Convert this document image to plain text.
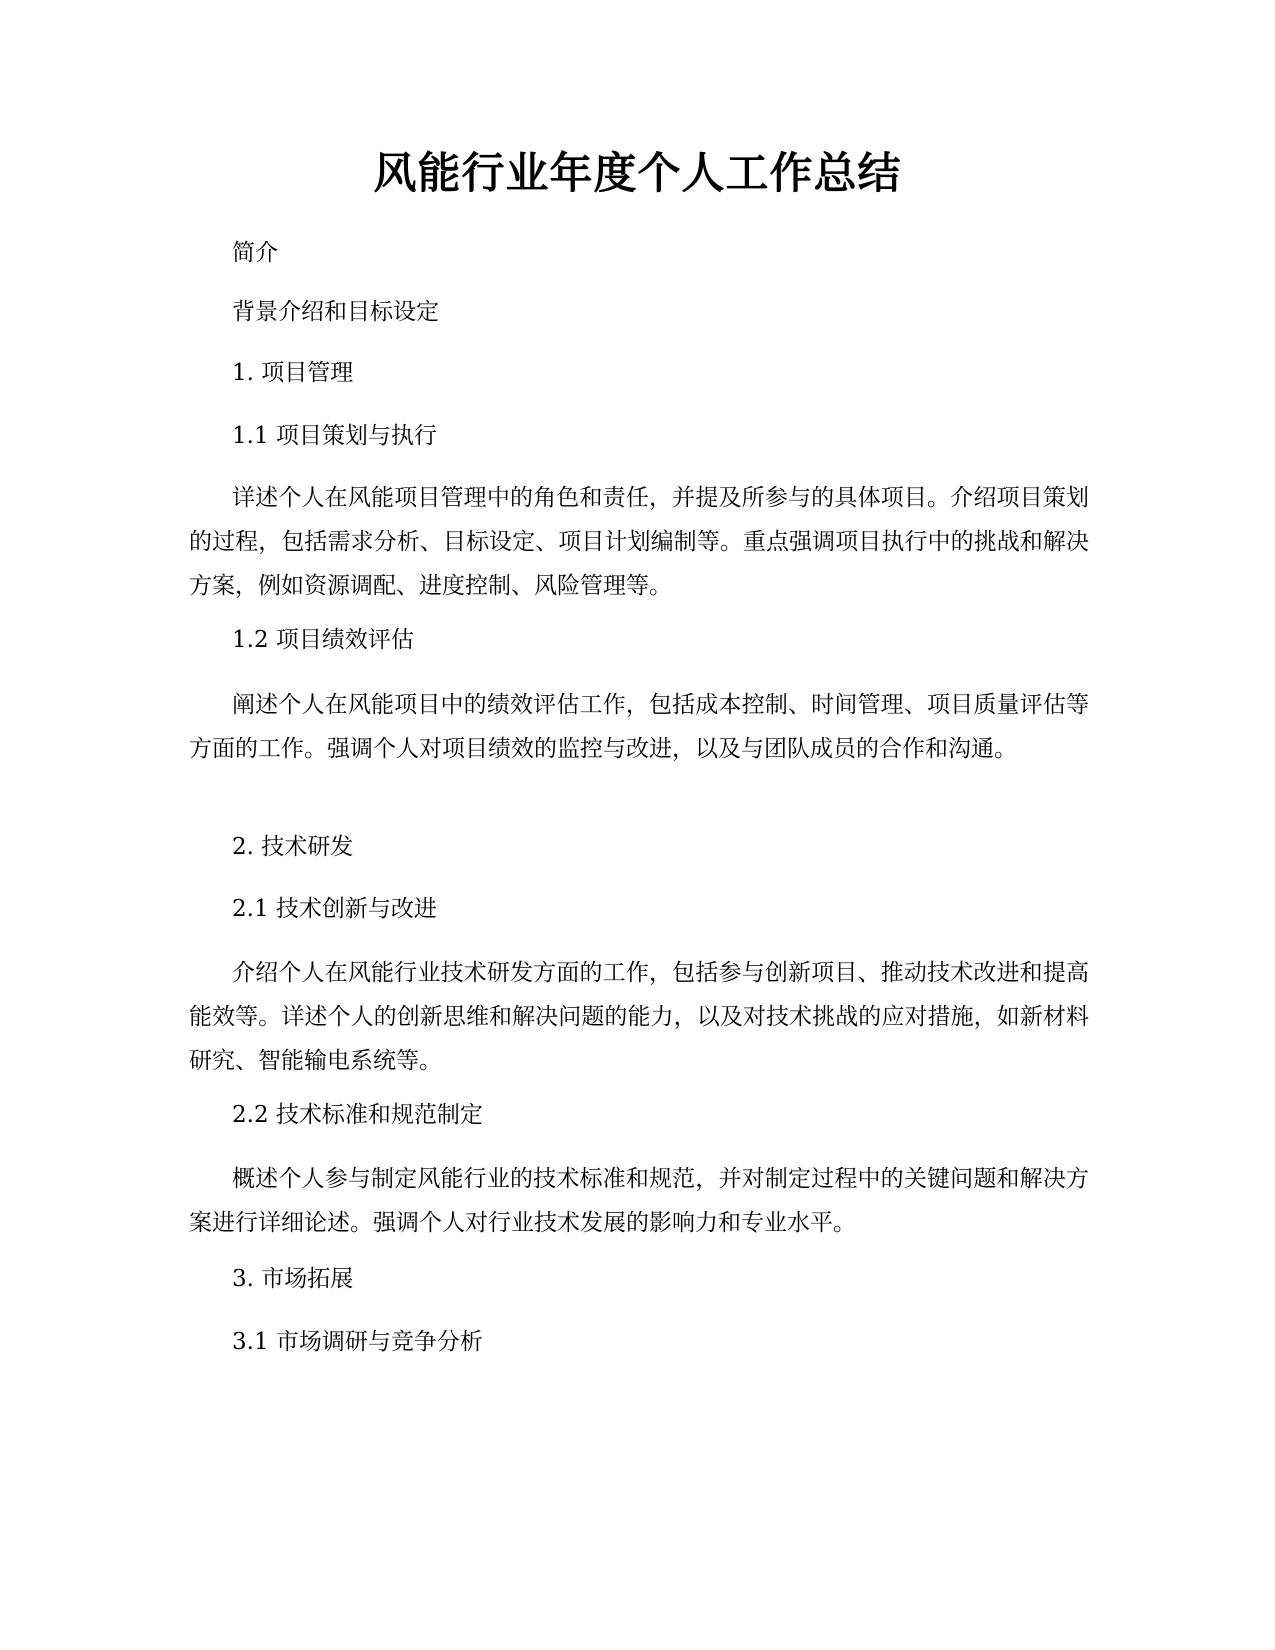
风能行业年度个人工作总结
简介
背景介绍和目标设定
1. 项目管理
1.1 项目策划与执行

详述个人在风能项目管理中的角色和责任，并提及所参与的具体项目。介绍项目策划的过程，包括需求分析、目标设定、项目计划编制等。重点强调项目执行中的挑战和解决方案，例如资源调配、进度控制、风险管理等。

1.2 项目绩效评估

阐述个人在风能项目中的绩效评估工作，包括成本控制、时间管理、项目质量评估等方面的工作。强调个人对项目绩效的监控与改进，以及与团队成员的合作和沟通。

2. 技术研发
2.1 技术创新与改进

介绍个人在风能行业技术研发方面的工作，包括参与创新项目、推动技术改进和提高能效等。详述个人的创新思维和解决问题的能力，以及对技术挑战的应对措施，如新材料研究、智能输电系统等。

2.2 技术标准和规范制定

概述个人参与制定风能行业的技术标准和规范，并对制定过程中的关键问题和解决方案进行详细论述。强调个人对行业技术发展的影响力和专业水平。

3. 市场拓展
3.1 市场调研与竞争分析
